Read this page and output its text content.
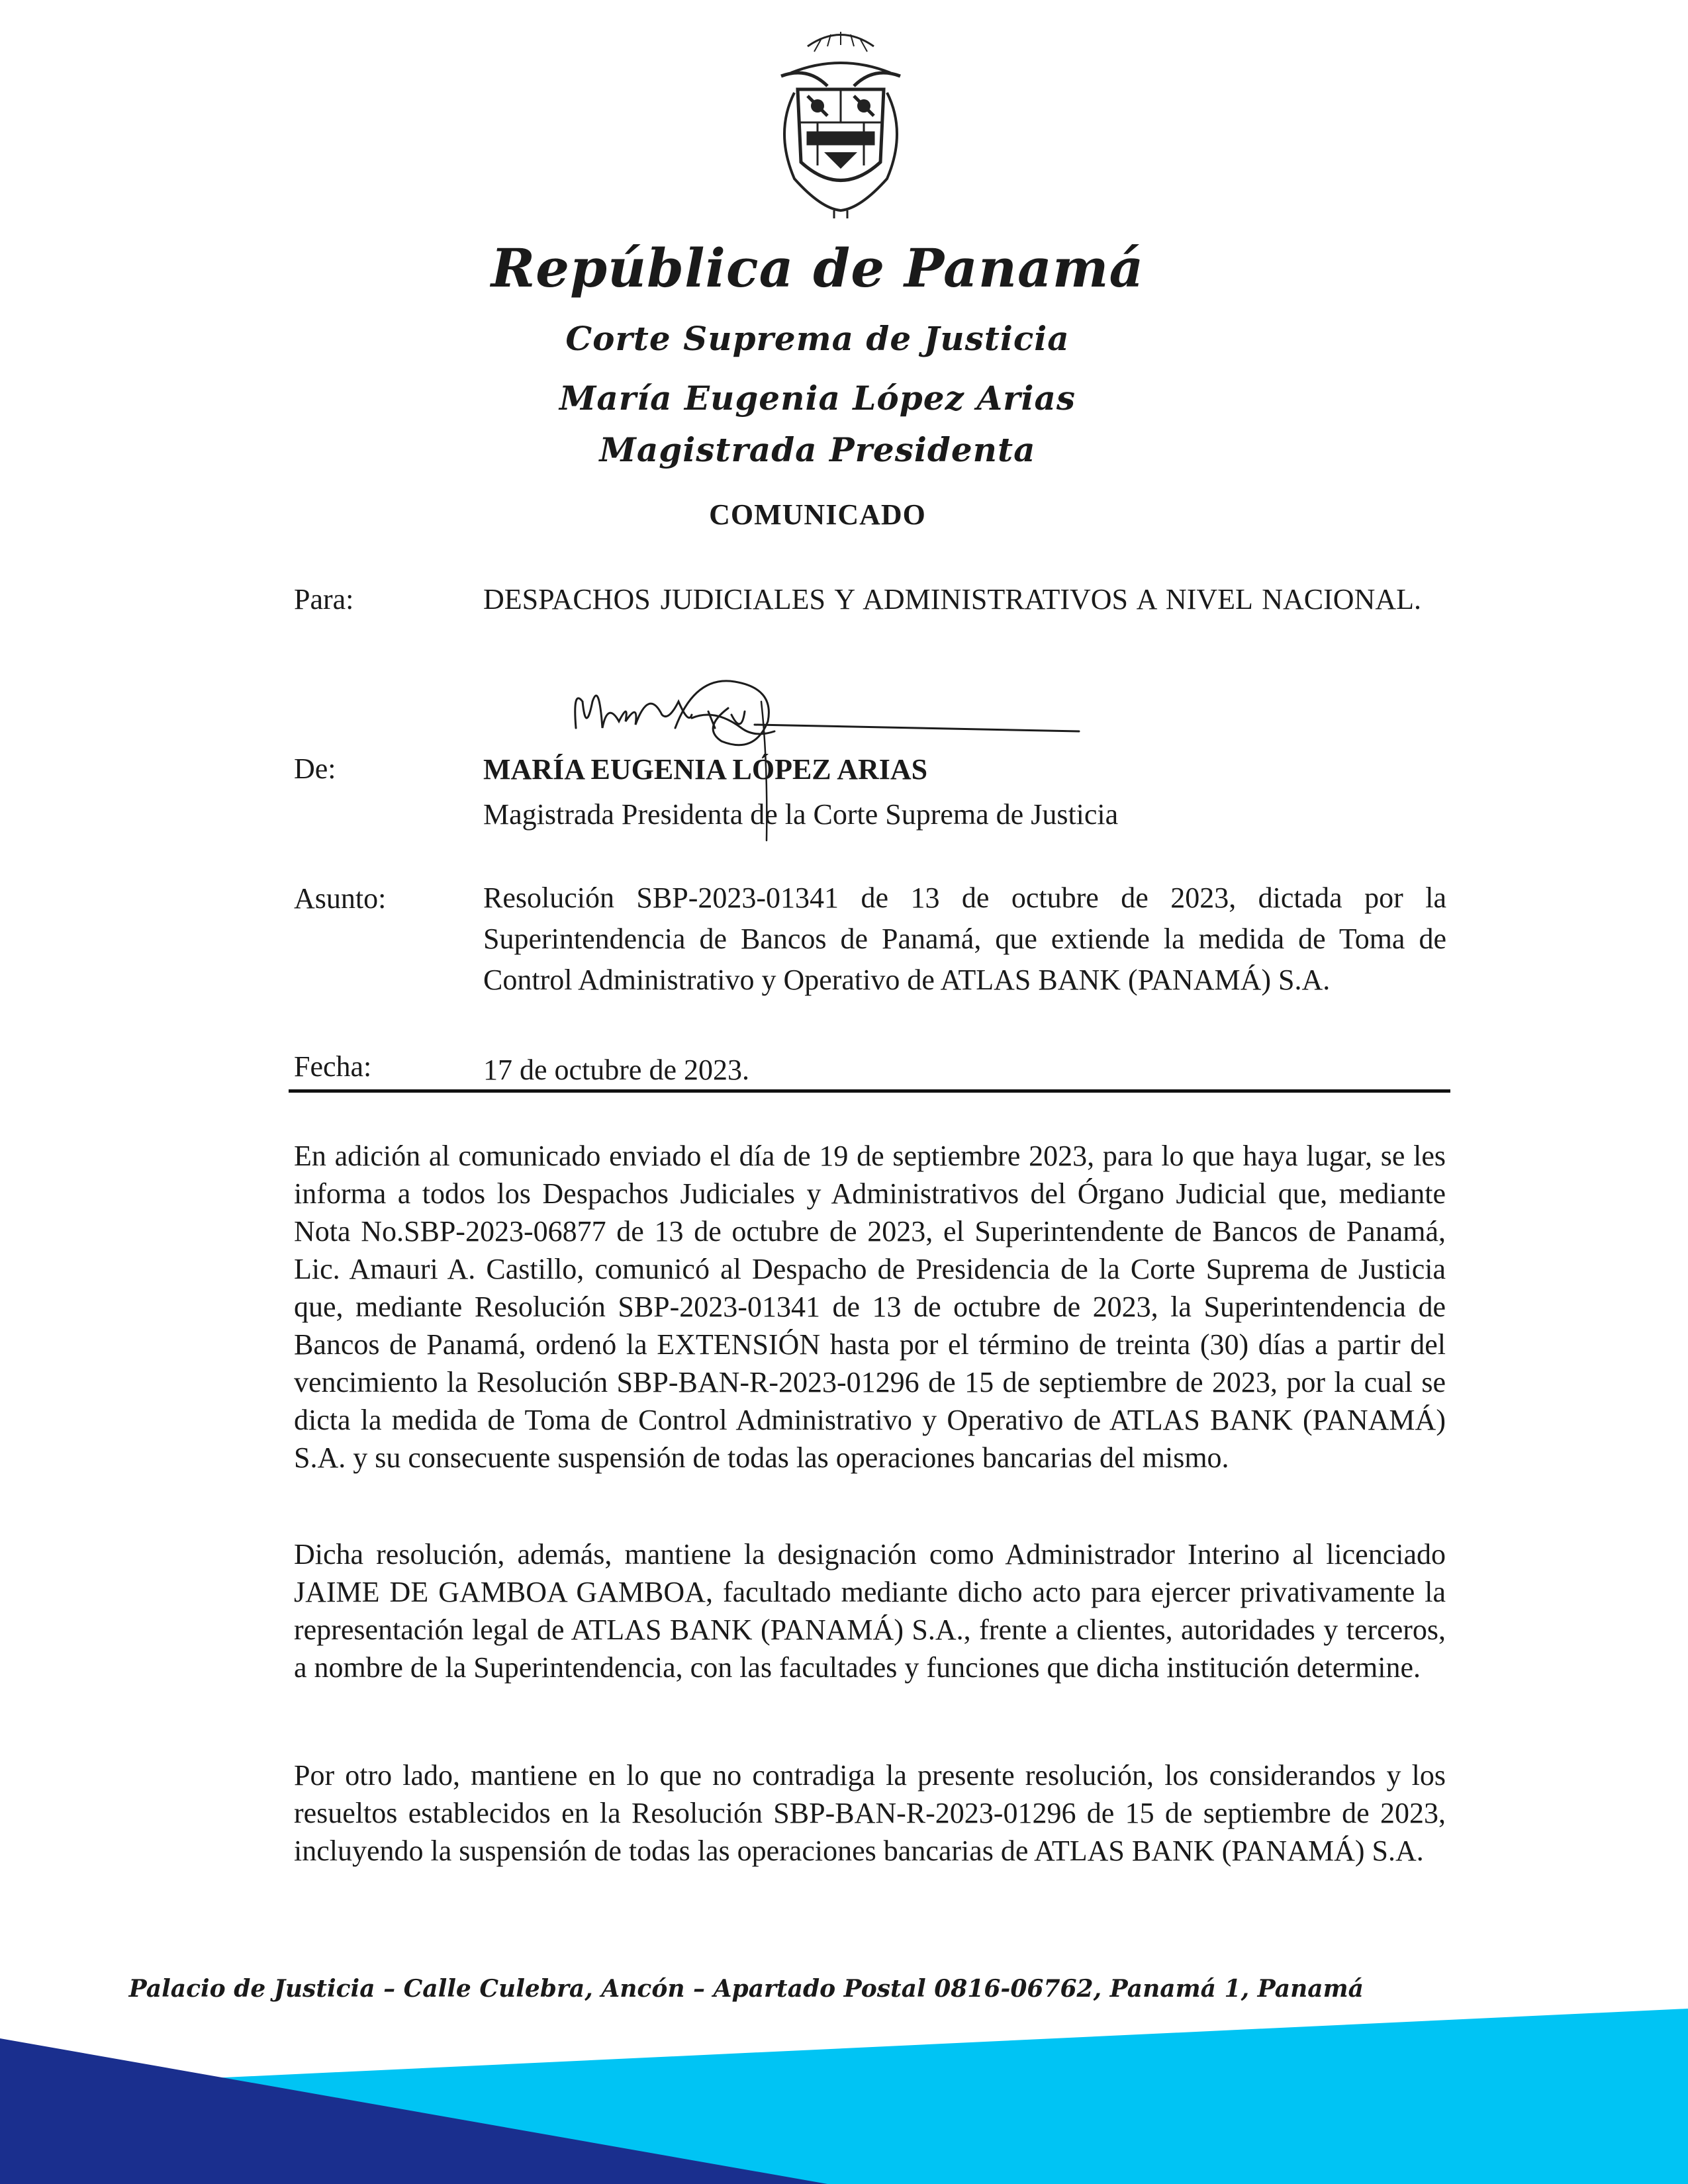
República de Panamá
Corte Suprema de Justicia
María Eugenia López Arias
Magistrada Presidenta
COMUNICADO
Para:	DESPACHOS JUDICIALES Y ADMINISTRATIVOS A NIVEL NACIONAL.
De:	MARÍA EUGENIA LÓPEZ ARIAS
Magistrada Presidenta de la Corte Suprema de Justicia
Asunto:	Resolución SBP-2023-01341 de 13 de octubre de 2023, dictada por la Superintendencia de Bancos de Panamá, que extiende la medida de Toma de Control Administrativo y Operativo de ATLAS BANK (PANAMÁ) S.A.
Fecha:	17 de octubre de 2023.
En adición al comunicado enviado el día de 19 de septiembre 2023, para lo que haya lugar, se les informa a todos los Despachos Judiciales y Administrativos del Órgano Judicial que, mediante Nota No.SBP-2023-06877 de 13 de octubre de 2023, el Superintendente de Bancos de Panamá, Lic. Amauri A. Castillo, comunicó al Despacho de Presidencia de la Corte Suprema de Justicia que, mediante Resolución SBP-2023-01341 de 13 de octubre de 2023, la Superintendencia de Bancos de Panamá, ordenó la EXTENSIÓN hasta por el término de treinta (30) días a partir del vencimiento la Resolución SBP-BAN-R-2023-01296 de 15 de septiembre de 2023, por la cual se dicta la medida de Toma de Control Administrativo y Operativo de ATLAS BANK (PANAMÁ) S.A. y su consecuente suspensión de todas las operaciones bancarias del mismo.
Dicha resolución, además, mantiene la designación como Administrador Interino al licenciado JAIME DE GAMBOA GAMBOA, facultado mediante dicho acto para ejercer privativamente la representación legal de ATLAS BANK (PANAMÁ) S.A., frente a clientes, autoridades y terceros, a nombre de la Superintendencia, con las facultades y funciones que dicha institución determine.
Por otro lado, mantiene en lo que no contradiga la presente resolución, los considerandos y los resueltos establecidos en la Resolución SBP-BAN-R-2023-01296 de 15 de septiembre de 2023, incluyendo la suspensión de todas las operaciones bancarias de ATLAS BANK (PANAMÁ) S.A.
Palacio de Justicia – Calle Culebra, Ancón – Apartado Postal 0816-06762, Panamá 1, Panamá
